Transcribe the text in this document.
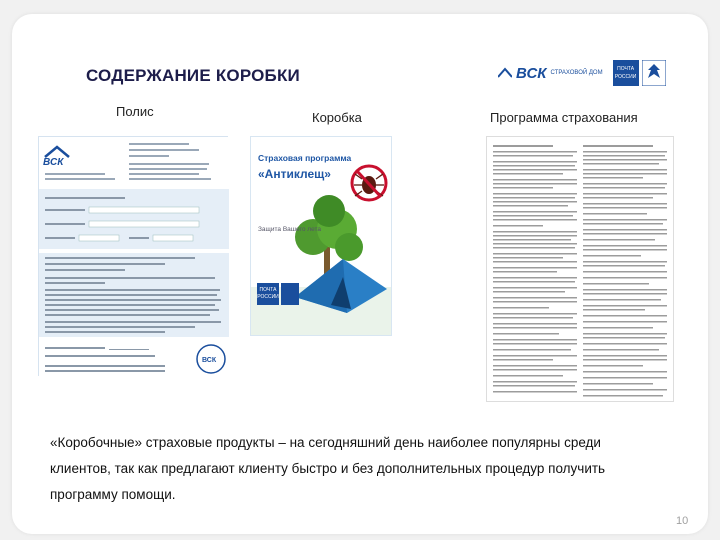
СОДЕРЖАНИЕ КОРОБКИ	ВСК СТРАХОВОЙ ДОМ
ПОЧТА РОССИИ
Полис	Коробка	Программа страхования
ВСК
ВСК
Страховая программа
«Антиклещ»
Защита Вашего лета
ПОЧТА РОССИИ
«Коробочные» страховые продукты – на сегодняшний день наиболее популярны среди клиентов, так как предлагают клиенту быстро и без дополнительных процедур получить программу помощи.
10
